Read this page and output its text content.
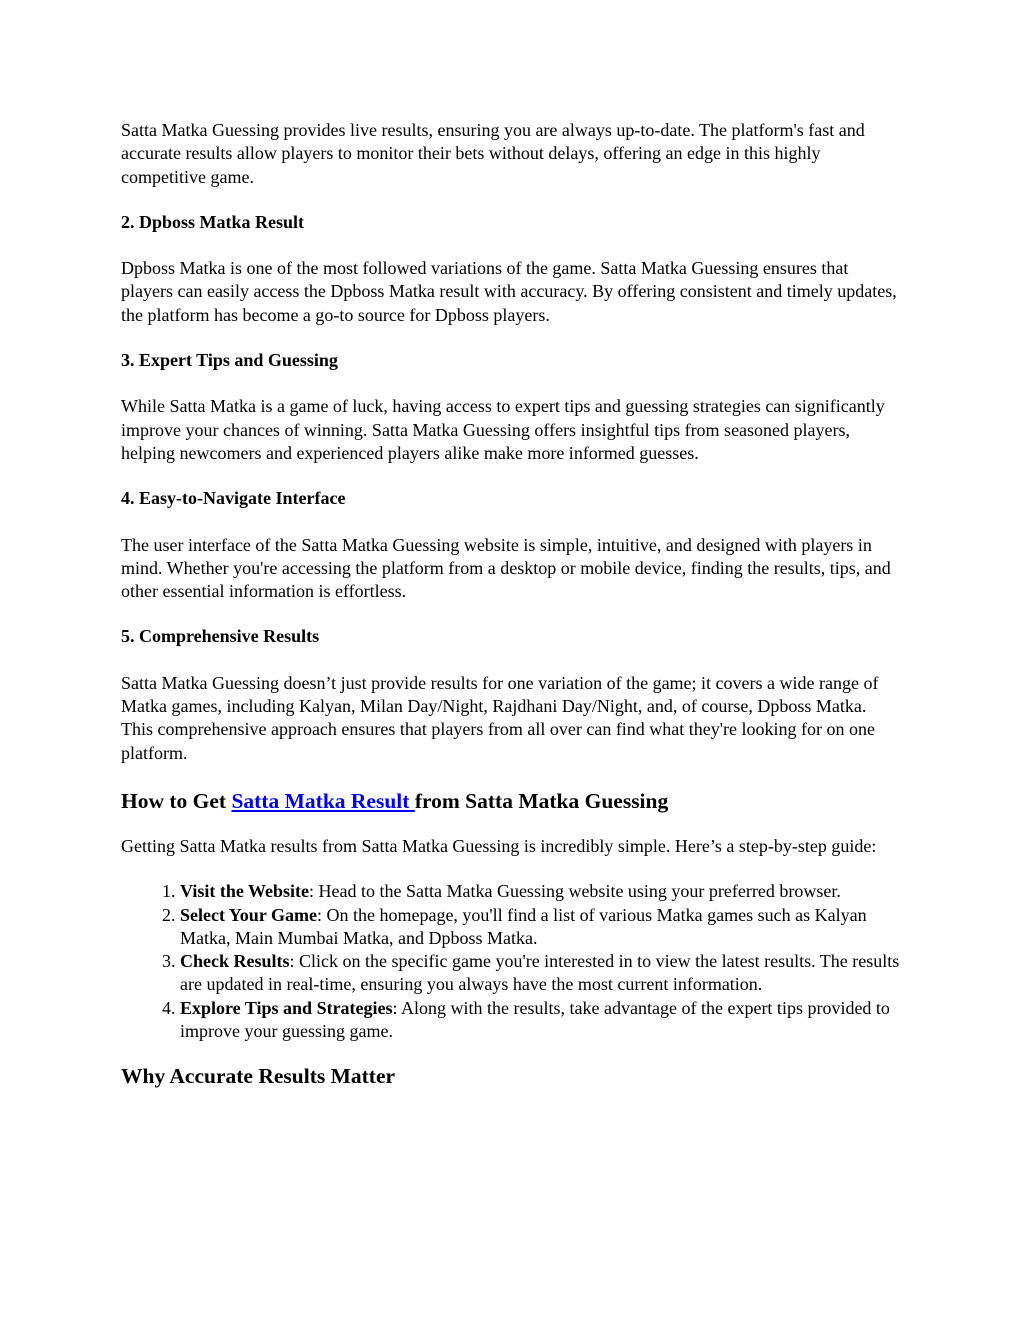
Satta Matka Guessing provides live results, ensuring you are always up-to-date. The platform's fast and accurate results allow players to monitor their bets without delays, offering an edge in this highly competitive game.

2. Dpboss Matka Result

Dpboss Matka is one of the most followed variations of the game. Satta Matka Guessing ensures that players can easily access the Dpboss Matka result with accuracy. By offering consistent and timely updates, the platform has become a go-to source for Dpboss players.

3. Expert Tips and Guessing

While Satta Matka is a game of luck, having access to expert tips and guessing strategies can significantly improve your chances of winning. Satta Matka Guessing offers insightful tips from seasoned players, helping newcomers and experienced players alike make more informed guesses.

4. Easy-to-Navigate Interface

The user interface of the Satta Matka Guessing website is simple, intuitive, and designed with players in mind. Whether you're accessing the platform from a desktop or mobile device, finding the results, tips, and other essential information is effortless.

5. Comprehensive Results

Satta Matka Guessing doesn’t just provide results for one variation of the game; it covers a wide range of Matka games, including Kalyan, Milan Day/Night, Rajdhani Day/Night, and, of course, Dpboss Matka. This comprehensive approach ensures that players from all over can find what they're looking for on one platform.

How to Get Satta Matka Result from Satta Matka Guessing

Getting Satta Matka results from Satta Matka Guessing is incredibly simple. Here’s a step-by-step guide:

1. Visit the Website: Head to the Satta Matka Guessing website using your preferred browser.
2. Select Your Game: On the homepage, you'll find a list of various Matka games such as Kalyan Matka, Main Mumbai Matka, and Dpboss Matka.
3. Check Results: Click on the specific game you're interested in to view the latest results. The results are updated in real-time, ensuring you always have the most current information.
4. Explore Tips and Strategies: Along with the results, take advantage of the expert tips provided to improve your guessing game.
Why Accurate Results Matter
